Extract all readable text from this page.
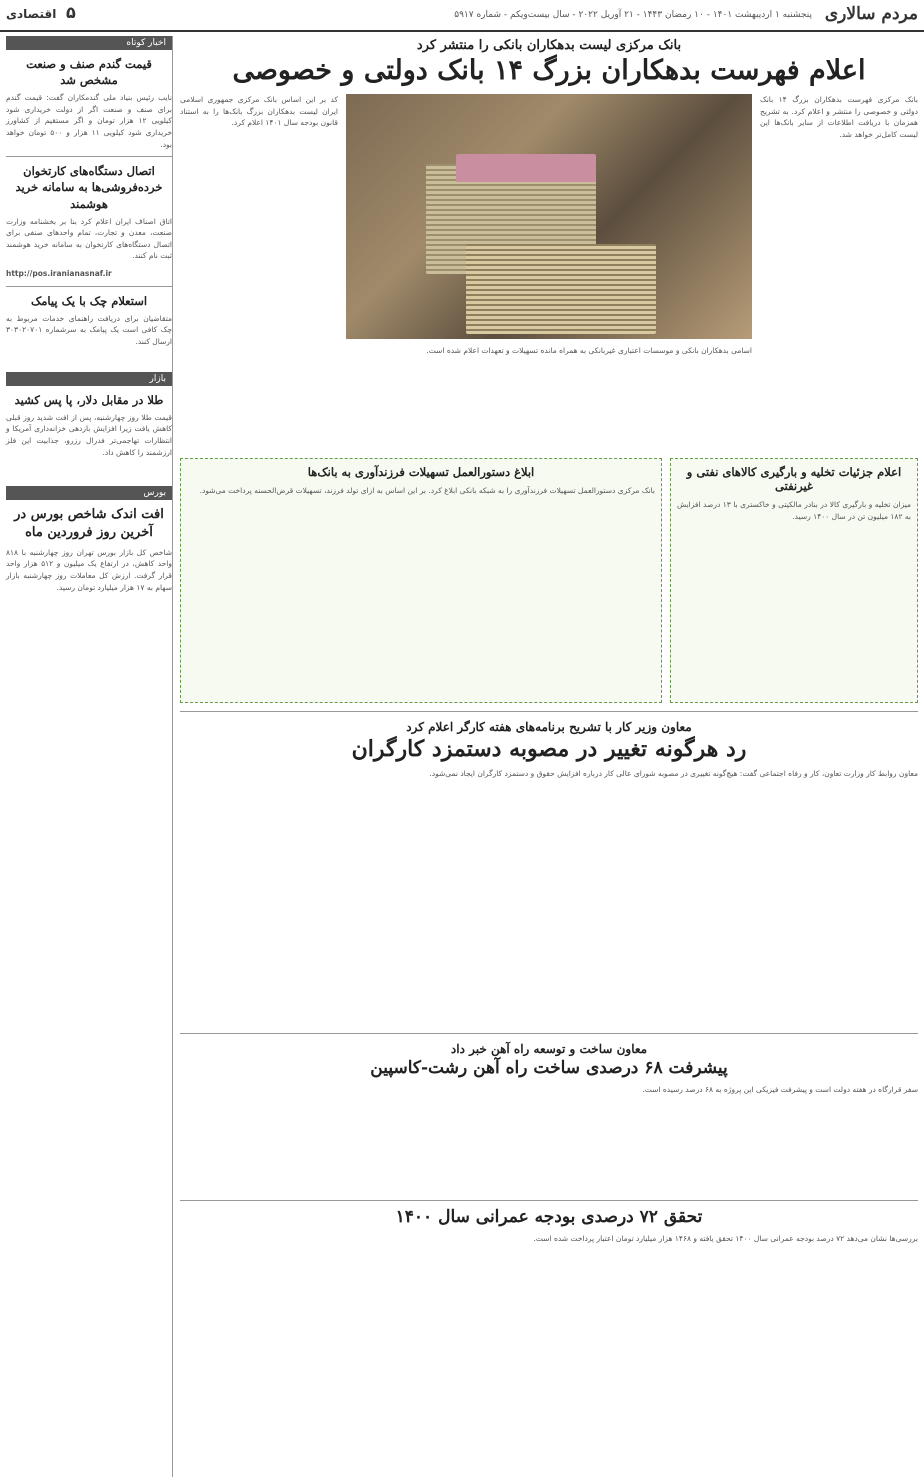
مردم سالاری
پنجشنبه ۱ اردیبهشت ۱۴۰۱ - ۱۰ رمضان ۱۴۴۳ - ۲۱ آوریل ۲۰۲۲ - سال بیست‌ویکم - شماره ۵۹۱۷
۵ اقتصادی
اخبار کوتاه
قیمت گندم صنف و صنعت مشخص شد

نایب رئیس بنیاد ملی گندمکاران گفت: قیمت گندم برای صنف و صنعت اگر از دولت خریداری شود کیلویی ۱۲ هزار تومان و اگر مستقیم از کشاورز خریداری شود کیلویی ۱۱ هزار و ۵۰۰ تومان خواهد بود.

اتصال دستگاه‌های کارتخوان خرده‌فروشی‌ها به سامانه خرید هوشمند

اتاق اصناف ایران اعلام کرد بنا بر بخشنامه وزارت صنعت، معدن و تجارت، تمام واحدهای صنفی برای اتصال دستگاه‌های کارتخوان به سامانه خرید هوشمند ثبت نام کنند.

http://pos.iranianasnaf.ir

استعلام چک با یک پیامک

متقاضیان برای دریافت راهنمای خدمات مربوط به چک کافی است یک پیامک به سرشماره ۳۰۳۰۲۰۷۰۱ ارسال کنند.

بازار
طلا در مقابل دلار، پا پس کشید

قیمت طلا روز چهارشنبه، پس از افت شدید روز قبلی کاهش یافت زیرا افزایش بازدهی خزانه‌داری آمریکا و انتظارات تهاجمی‌تر فدرال رزرو، جذابیت این فلز ارزشمند را کاهش داد.

بورس
افت اندک شاخص بورس در آخرین روز فروردین ماه

شاخص کل بازار بورس تهران روز چهارشنبه با ۸۱۸ واحد کاهش، در ارتفاع یک میلیون و ۵۱۲ هزار واحد قرار گرفت. ارزش کل معاملات روز چهارشنبه بازار سهام به ۱۷ هزار میلیارد تومان رسید.

بانک مرکزی لیست بدهکاران بانکی را منتشر کرد
اعلام فهرست بدهکاران بزرگ ۱۴ بانک دولتی و خصوصی

بانک مرکزی فهرست بدهکاران بزرگ ۱۴ بانک دولتی و خصوصی را منتشر و اعلام کرد. به تشریح همزمان با دریافت اطلاعات از سایر بانک‌ها این لیست کامل‌تر خواهد شد.

اسامی بدهکاران بانکی و موسسات اعتباری غیربانکی به همراه مانده تسهیلات و تعهدات اعلام شده است.

کد بر این اساس بانک مرکزی جمهوری اسلامی ایران لیست بدهکاران بزرگ بانک‌ها را به استناد قانون بودجه سال ۱۴۰۱ اعلام کرد.

اعلام جزئیات تخلیه و بارگیری کالاهای نفتی و غیرنفتی

میزان تخلیه و بارگیری کالا در بنادر مالکیتی و خاکستری با ۱۳ درصد افزایش به ۱۸۲ میلیون تن در سال ۱۴۰۰ رسید.

ابلاغ دستورالعمل تسهیلات فرزندآوری به بانک‌ها

بانک مرکزی دستورالعمل تسهیلات فرزندآوری را به شبکه بانکی ابلاغ کرد. بر این اساس به ازای تولد فرزند، تسهیلات قرض‌الحسنه پرداخت می‌شود.

معاون وزیر کار با تشریح برنامه‌های هفته کارگر اعلام کرد
رد هرگونه تغییر در مصوبه دستمزد کارگران

معاون روابط کار وزارت تعاون، کار و رفاه اجتماعی گفت: هیچ‌گونه تغییری در مصوبه شورای عالی کار درباره افزایش حقوق و دستمزد کارگران ایجاد نمی‌شود.

معاون ساخت و توسعه راه آهن خبر داد
پیشرفت ۶۸ درصدی ساخت راه آهن رشت-کاسپین

سفر قرارگاه در هفته دولت است و پیشرفت فیزیکی این پروژه به ۶۸ درصد رسیده است.

تحقق ۷۲ درصدی بودجه عمرانی سال ۱۴۰۰

بررسی‌ها نشان می‌دهد ۷۲ درصد بودجه عمرانی سال ۱۴۰۰ تحقق یافته و ۱۴۶۸ هزار میلیارد تومان اعتبار پرداخت شده است.
